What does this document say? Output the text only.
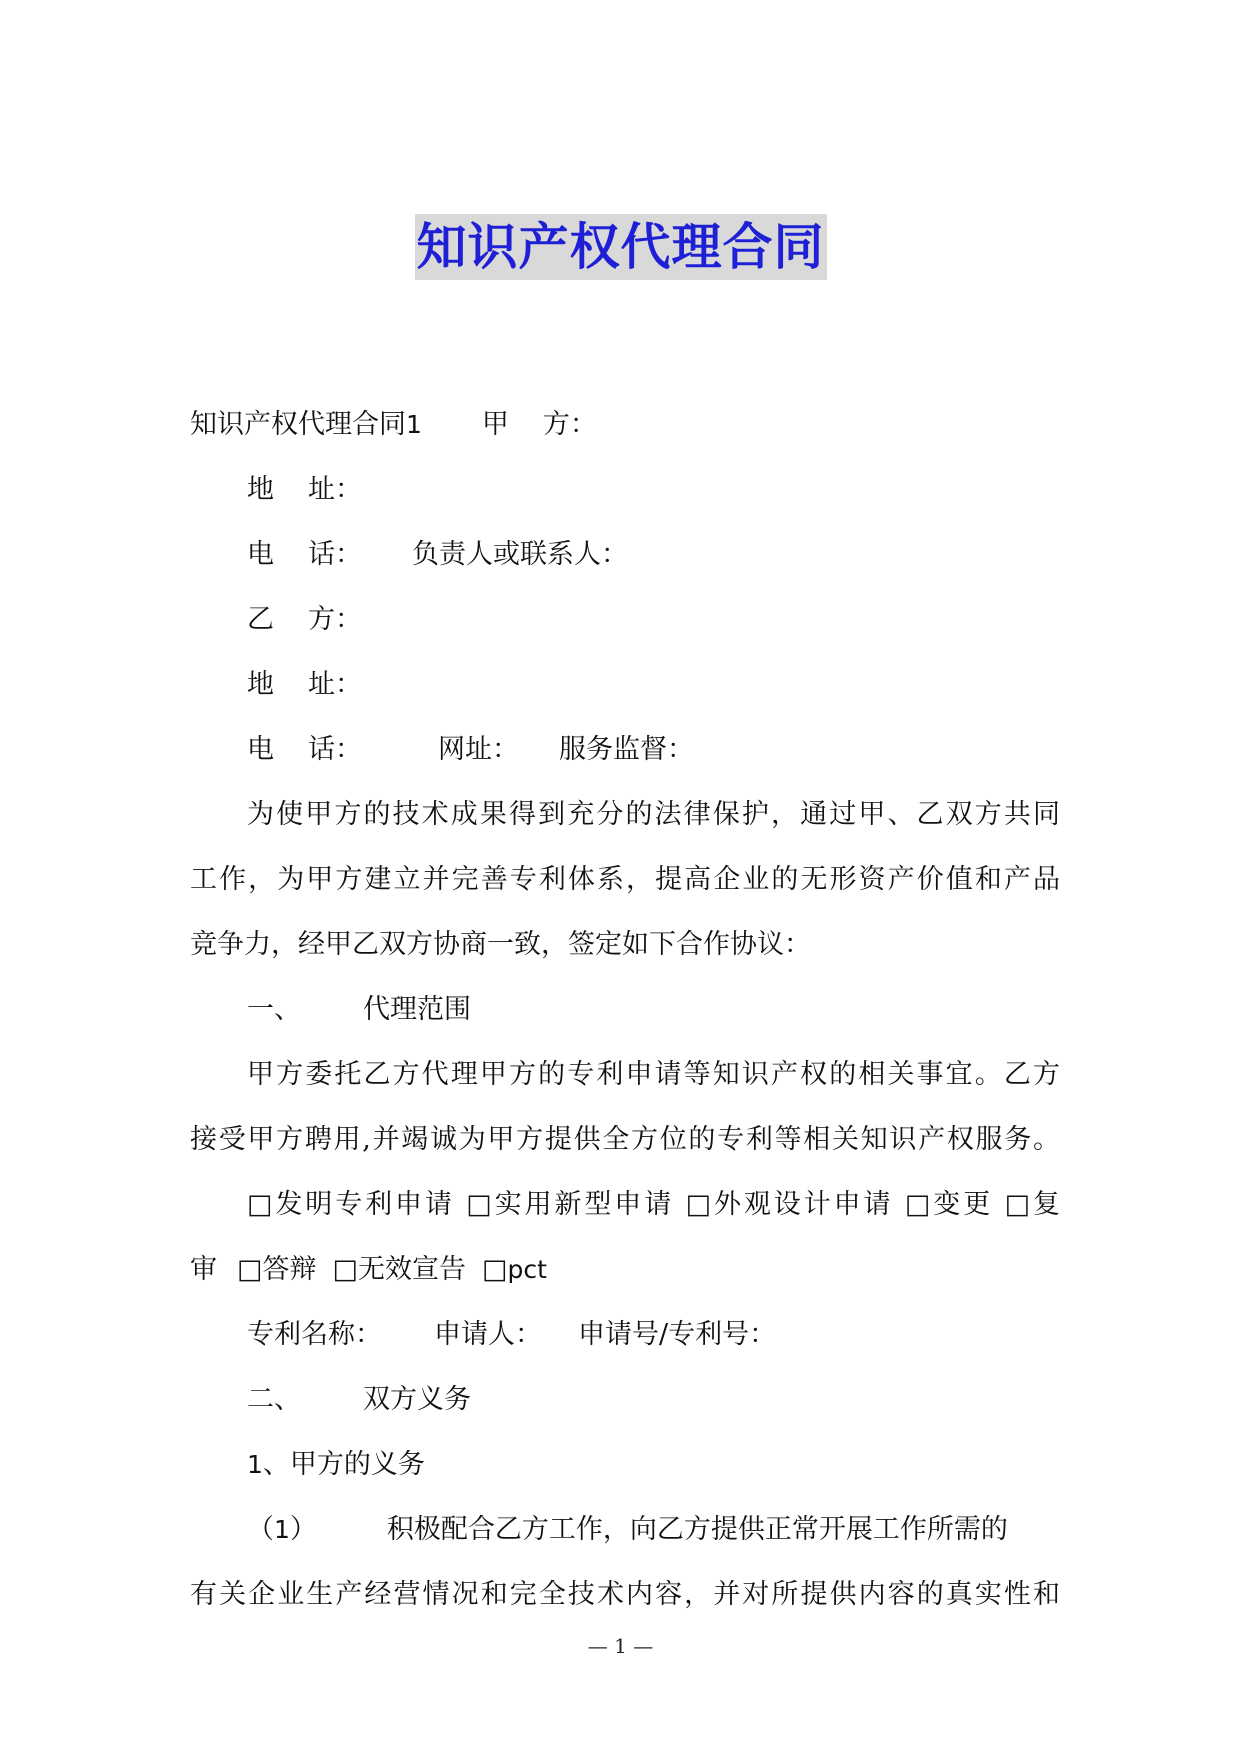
知识产权代理合同
知识产权代理合同1 甲 方：
地 址：
电 话： 负责人或联系人：
乙 方：
地 址：
电 话：	网址： 服务监督：
为使甲方的技术成果得到充分的法律保护，通过甲、乙双方共同
工作，为甲方建立并完善专利体系，提高企业的无形资产价值和产品
竞争力，经甲乙双方协商一致，签定如下合作协议：
一、 代理范围
甲方委托乙方代理甲方的专利申请等知识产权的相关事宜。乙方
接受甲方聘用,并竭诚为甲方提供全方位的专利等相关知识产权服务。
□发明专利申请 □实用新型申请 □外观设计申请 □变更 □复
审 □答辩 □无效宣告 □pct
专利名称： 申请人： 申请号/专利号：
二、 双方义务
1、甲方的义务
（1）	积极配合乙方工作，向乙方提供正常开展工作所需的
有关企业生产经营情况和完全技术内容，并对所提供内容的真实性和
— 1 —
